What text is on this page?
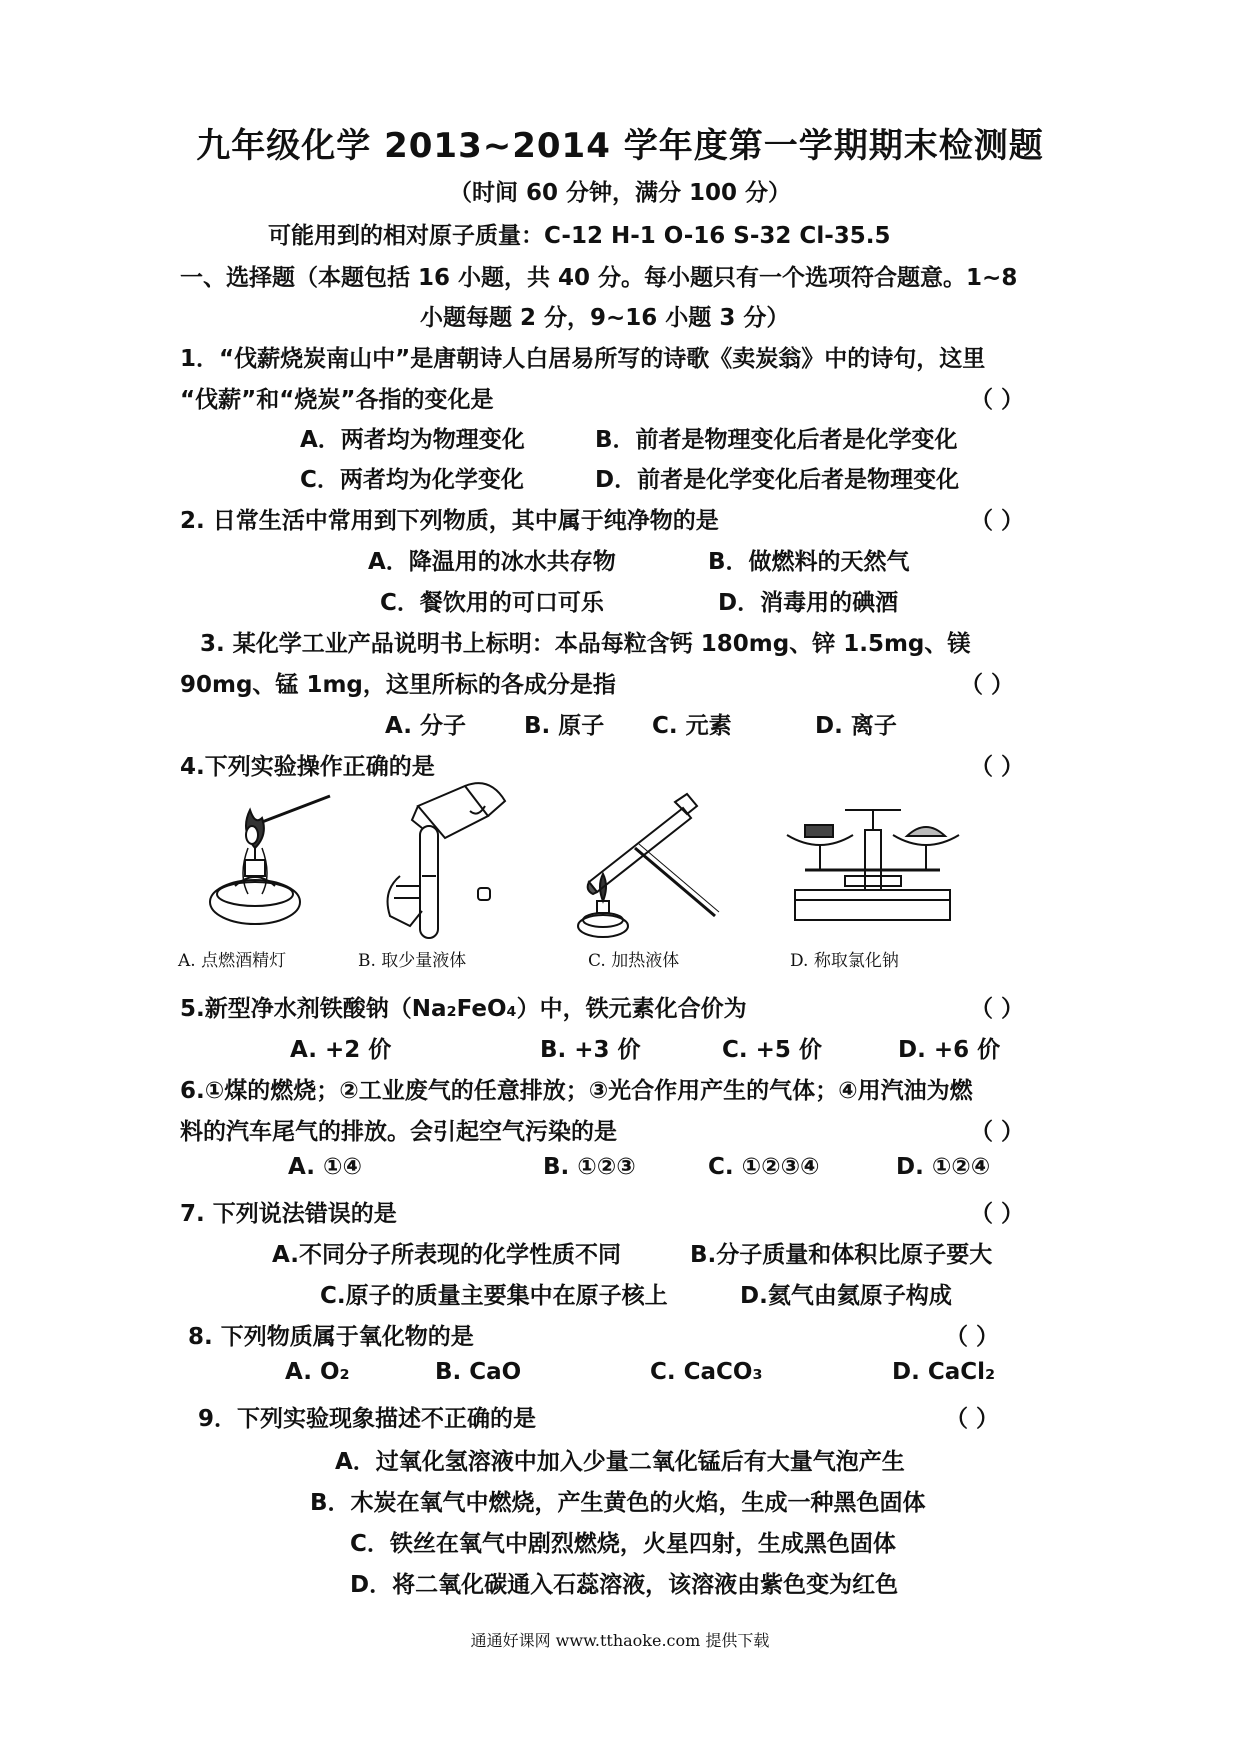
九年级化学 2013~2014 学年度第一学期期末检测题
（时间 60 分钟，满分 100 分）
可能用到的相对原子质量：C-12 H-1 O-16 S-32 Cl-35.5
一、选择题（本题包括 16 小题，共 40 分。每小题只有一个选项符合题意。1~8
小题每题 2 分，9~16 小题 3 分）
1．“伐薪烧炭南山中”是唐朝诗人白居易所写的诗歌《卖炭翁》中的诗句，这里
“伐薪”和“烧炭”各指的变化是	（ ）
A．两者均为物理变化	B．前者是物理变化后者是化学变化
C．两者均为化学变化	D．前者是化学变化后者是物理变化
2. 日常生活中常用到下列物质，其中属于纯净物的是	（ ）
A．降温用的冰水共存物	B．做燃料的天然气
C．餐饮用的可口可乐	D．消毒用的碘酒
3. 某化学工业产品说明书上标明：本品每粒含钙 180mg、锌 1.5mg、镁
90mg、锰 1mg，这里所标的各成分是指	（ ）
A. 分子	B. 原子 C. 元素	D. 离子
4.下列实验操作正确的是	（ ）
A. 点燃酒精灯	B. 取少量液体	C. 加热液体	D. 称取氯化钠
5.新型净水剂铁酸钠（Na₂FeO₄）中，铁元素化合价为	（ ）
A. +2 价	B. +3 价	C. +5 价	D. +6 价
6.①煤的燃烧；②工业废气的任意排放；③光合作用产生的气体；④用汽油为燃
料的汽车尾气的排放。会引起空气污染的是	（ ）
A. ①④	B. ①②③	C. ①②③④	D. ①②④
7. 下列说法错误的是	（ ）
A.不同分子所表现的化学性质不同	B.分子质量和体积比原子要大
C.原子的质量主要集中在原子核上	D.氦气由氦原子构成
8. 下列物质属于氧化物的是	（ ）
A. O₂	B. CaO	C. CaCO₃	D. CaCl₂
9．下列实验现象描述不正确的是	（ ）
A．过氧化氢溶液中加入少量二氧化锰后有大量气泡产生
B．木炭在氧气中燃烧，产生黄色的火焰，生成一种黑色固体
C．铁丝在氧气中剧烈燃烧，火星四射，生成黑色固体
D．将二氧化碳通入石蕊溶液，该溶液由紫色变为红色
通通好课网 www.tthaoke.com 提供下载
